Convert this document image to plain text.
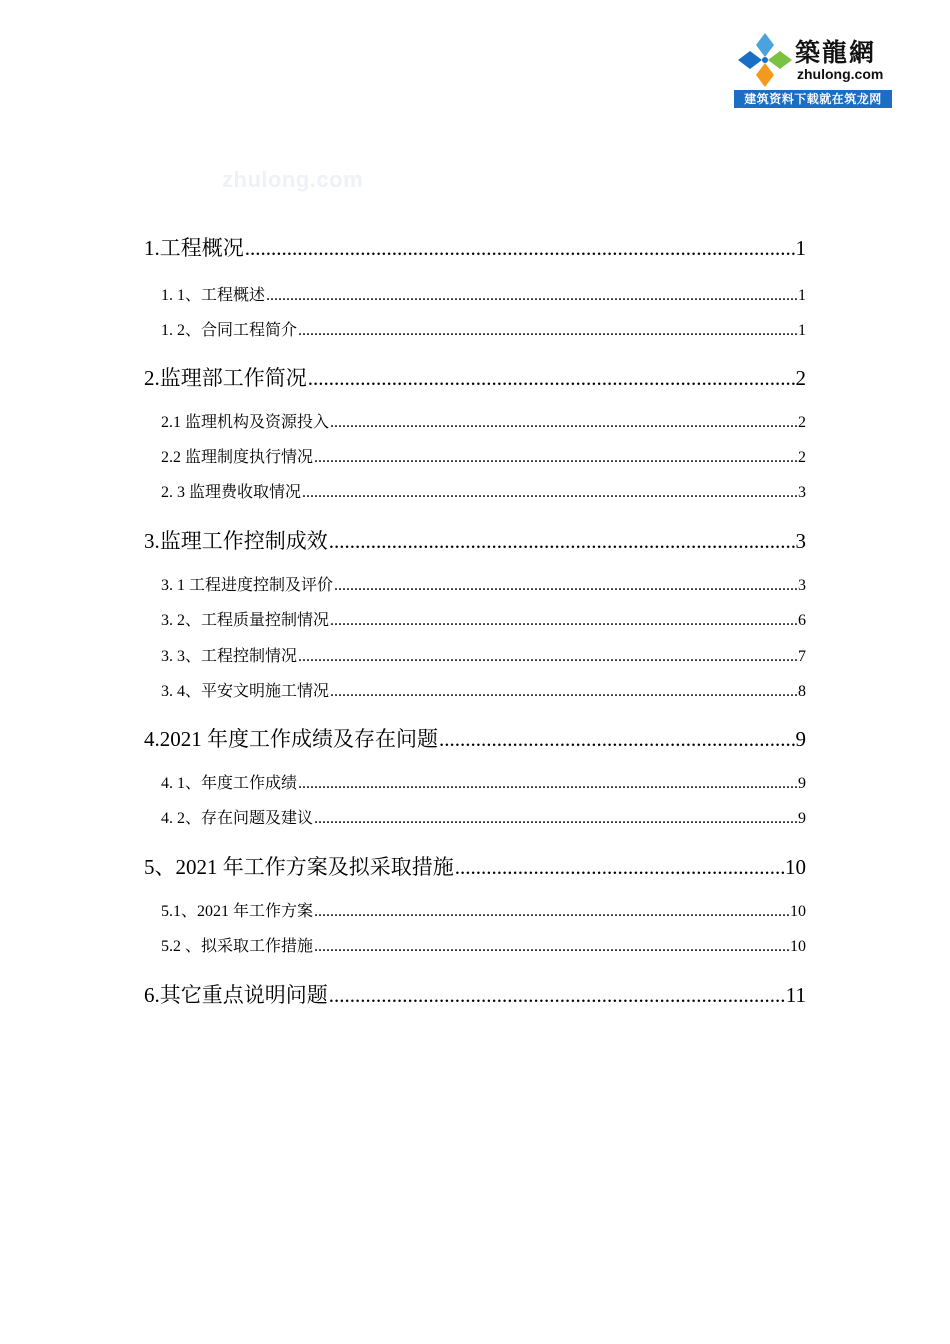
築龍網
zhulong.com
建筑资料下载就在筑龙网
zhulong.com
1.工程概况 .....	1
1. 1、工程概述 .....	1
1. 2、合同工程简介 .....	1
2.监理部工作简况 .....	2
2.1 监理机构及资源投入 .....	2
2.2 监理制度执行情况 .....	2
2. 3 监理费收取情况 .....	3
3.监理工作控制成效 .....	3
3. 1 工程进度控制及评价 .....	3
3. 2、工程质量控制情况 .....	6
3. 3、工程控制情况 .....	7
3. 4、平安文明施工情况 .....	8
4.2021 年度工作成绩及存在问题 .....	9
4. 1、年度工作成绩 .....	9
4. 2、存在问题及建议 .....	9
5、2021 年工作方案及拟采取措施 .....	10
5.1、2021 年工作方案 .....	10
5.2 、拟采取工作措施 .....	10
6.其它重点说明问题 .....	11
